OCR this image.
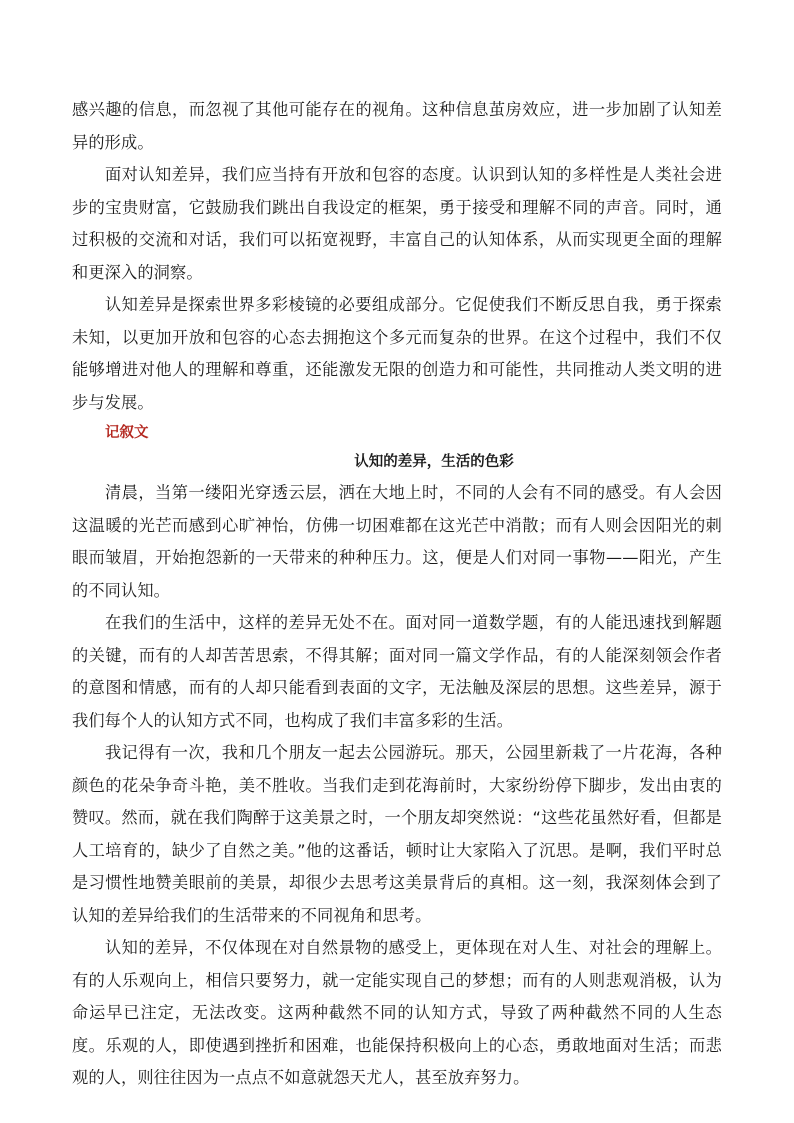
感兴趣的信息，而忽视了其他可能存在的视角。这种信息茧房效应，进一步加剧了认知差异的形成。

面对认知差异，我们应当持有开放和包容的态度。认识到认知的多样性是人类社会进步的宝贵财富，它鼓励我们跳出自我设定的框架，勇于接受和理解不同的声音。同时，通过积极的交流和对话，我们可以拓宽视野，丰富自己的认知体系，从而实现更全面的理解和更深入的洞察。

认知差异是探索世界多彩棱镜的必要组成部分。它促使我们不断反思自我，勇于探索未知，以更加开放和包容的心态去拥抱这个多元而复杂的世界。在这个过程中，我们不仅能够增进对他人的理解和尊重，还能激发无限的创造力和可能性，共同推动人类文明的进步与发展。

记叙文

认知的差异，生活的色彩

清晨，当第一缕阳光穿透云层，洒在大地上时，不同的人会有不同的感受。有人会因这温暖的光芒而感到心旷神怡，仿佛一切困难都在这光芒中消散；而有人则会因阳光的刺眼而皱眉，开始抱怨新的一天带来的种种压力。这，便是人们对同一事物——阳光，产生的不同认知。

在我们的生活中，这样的差异无处不在。面对同一道数学题，有的人能迅速找到解题的关键，而有的人却苦苦思索，不得其解；面对同一篇文学作品，有的人能深刻领会作者的意图和情感，而有的人却只能看到表面的文字，无法触及深层的思想。这些差异，源于我们每个人的认知方式不同，也构成了我们丰富多彩的生活。

我记得有一次，我和几个朋友一起去公园游玩。那天，公园里新栽了一片花海，各种颜色的花朵争奇斗艳，美不胜收。当我们走到花海前时，大家纷纷停下脚步，发出由衷的赞叹。然而，就在我们陶醉于这美景之时，一个朋友却突然说：“这些花虽然好看，但都是人工培育的，缺少了自然之美。”他的这番话，顿时让大家陷入了沉思。是啊，我们平时总是习惯性地赞美眼前的美景，却很少去思考这美景背后的真相。这一刻，我深刻体会到了认知的差异给我们的生活带来的不同视角和思考。

认知的差异，不仅体现在对自然景物的感受上，更体现在对人生、对社会的理解上。有的人乐观向上，相信只要努力，就一定能实现自己的梦想；而有的人则悲观消极，认为命运早已注定，无法改变。这两种截然不同的认知方式，导致了两种截然不同的人生态度。乐观的人，即使遇到挫折和困难，也能保持积极向上的心态，勇敢地面对生活；而悲观的人，则往往因为一点点不如意就怨天尤人，甚至放弃努力。
